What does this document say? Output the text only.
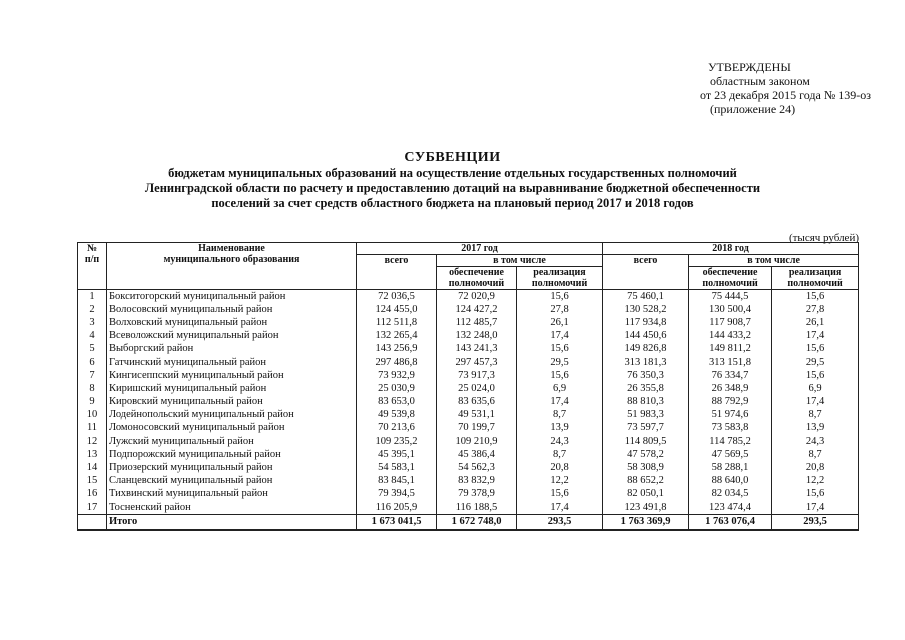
УТВЕРЖДЕНЫ
областным законом
от 23 декабря 2015 года № 139-оз
(приложение 24)
СУБВЕНЦИИ
бюджетам муниципальных образований на осуществление отдельных государственных полномочий
Ленинградской области по расчету и предоставлению дотаций на выравнивание бюджетной обеспеченности
поселений за счет средств областного бюджета на плановый период 2017 и 2018 годов
(тысяч рублей)
№
п/п	Наименование
муниципального образования	2017 год			2018 год		
		всего	в том числе		всего	в том числе	
			обеспечение полномочий	реализация полномочий		обеспечение полномочий	реализация полномочий
1	Бокситогорский муниципальный район	72 036,5	72 020,9	15,6	75 460,1	75 444,5	15,6
2	Волосовский муниципальный район	124 455,0	124 427,2	27,8	130 528,2	130 500,4	27,8
3	Волховский муниципальный район	112 511,8	112 485,7	26,1	117 934,8	117 908,7	26,1
4	Всеволожский муниципальный район	132 265,4	132 248,0	17,4	144 450,6	144 433,2	17,4
5	Выборгский район	143 256,9	143 241,3	15,6	149 826,8	149 811,2	15,6
6	Гатчинский муниципальный район	297 486,8	297 457,3	29,5	313 181,3	313 151,8	29,5
7	Кингисеппский муниципальный район	73 932,9	73 917,3	15,6	76 350,3	76 334,7	15,6
8	Киришский муниципальный район	25 030,9	25 024,0	6,9	26 355,8	26 348,9	6,9
9	Кировский муниципальный район	83 653,0	83 635,6	17,4	88 810,3	88 792,9	17,4
10	Лодейнопольский муниципальный район	49 539,8	49 531,1	8,7	51 983,3	51 974,6	8,7
11	Ломоносовский муниципальный район	70 213,6	70 199,7	13,9	73 597,7	73 583,8	13,9
12	Лужский муниципальный район	109 235,2	109 210,9	24,3	114 809,5	114 785,2	24,3
13	Подпорожский муниципальный район	45 395,1	45 386,4	8,7	47 578,2	47 569,5	8,7
14	Приозерский муниципальный район	54 583,1	54 562,3	20,8	58 308,9	58 288,1	20,8
15	Сланцевский муниципальный район	83 845,1	83 832,9	12,2	88 652,2	88 640,0	12,2
16	Тихвинский муниципальный район	79 394,5	79 378,9	15,6	82 050,1	82 034,5	15,6
17	Тосненский район	116 205,9	116 188,5	17,4	123 491,8	123 474,4	17,4
	Итого	1 673 041,5	1 672 748,0	293,5	1 763 369,9	1 763 076,4	293,5
